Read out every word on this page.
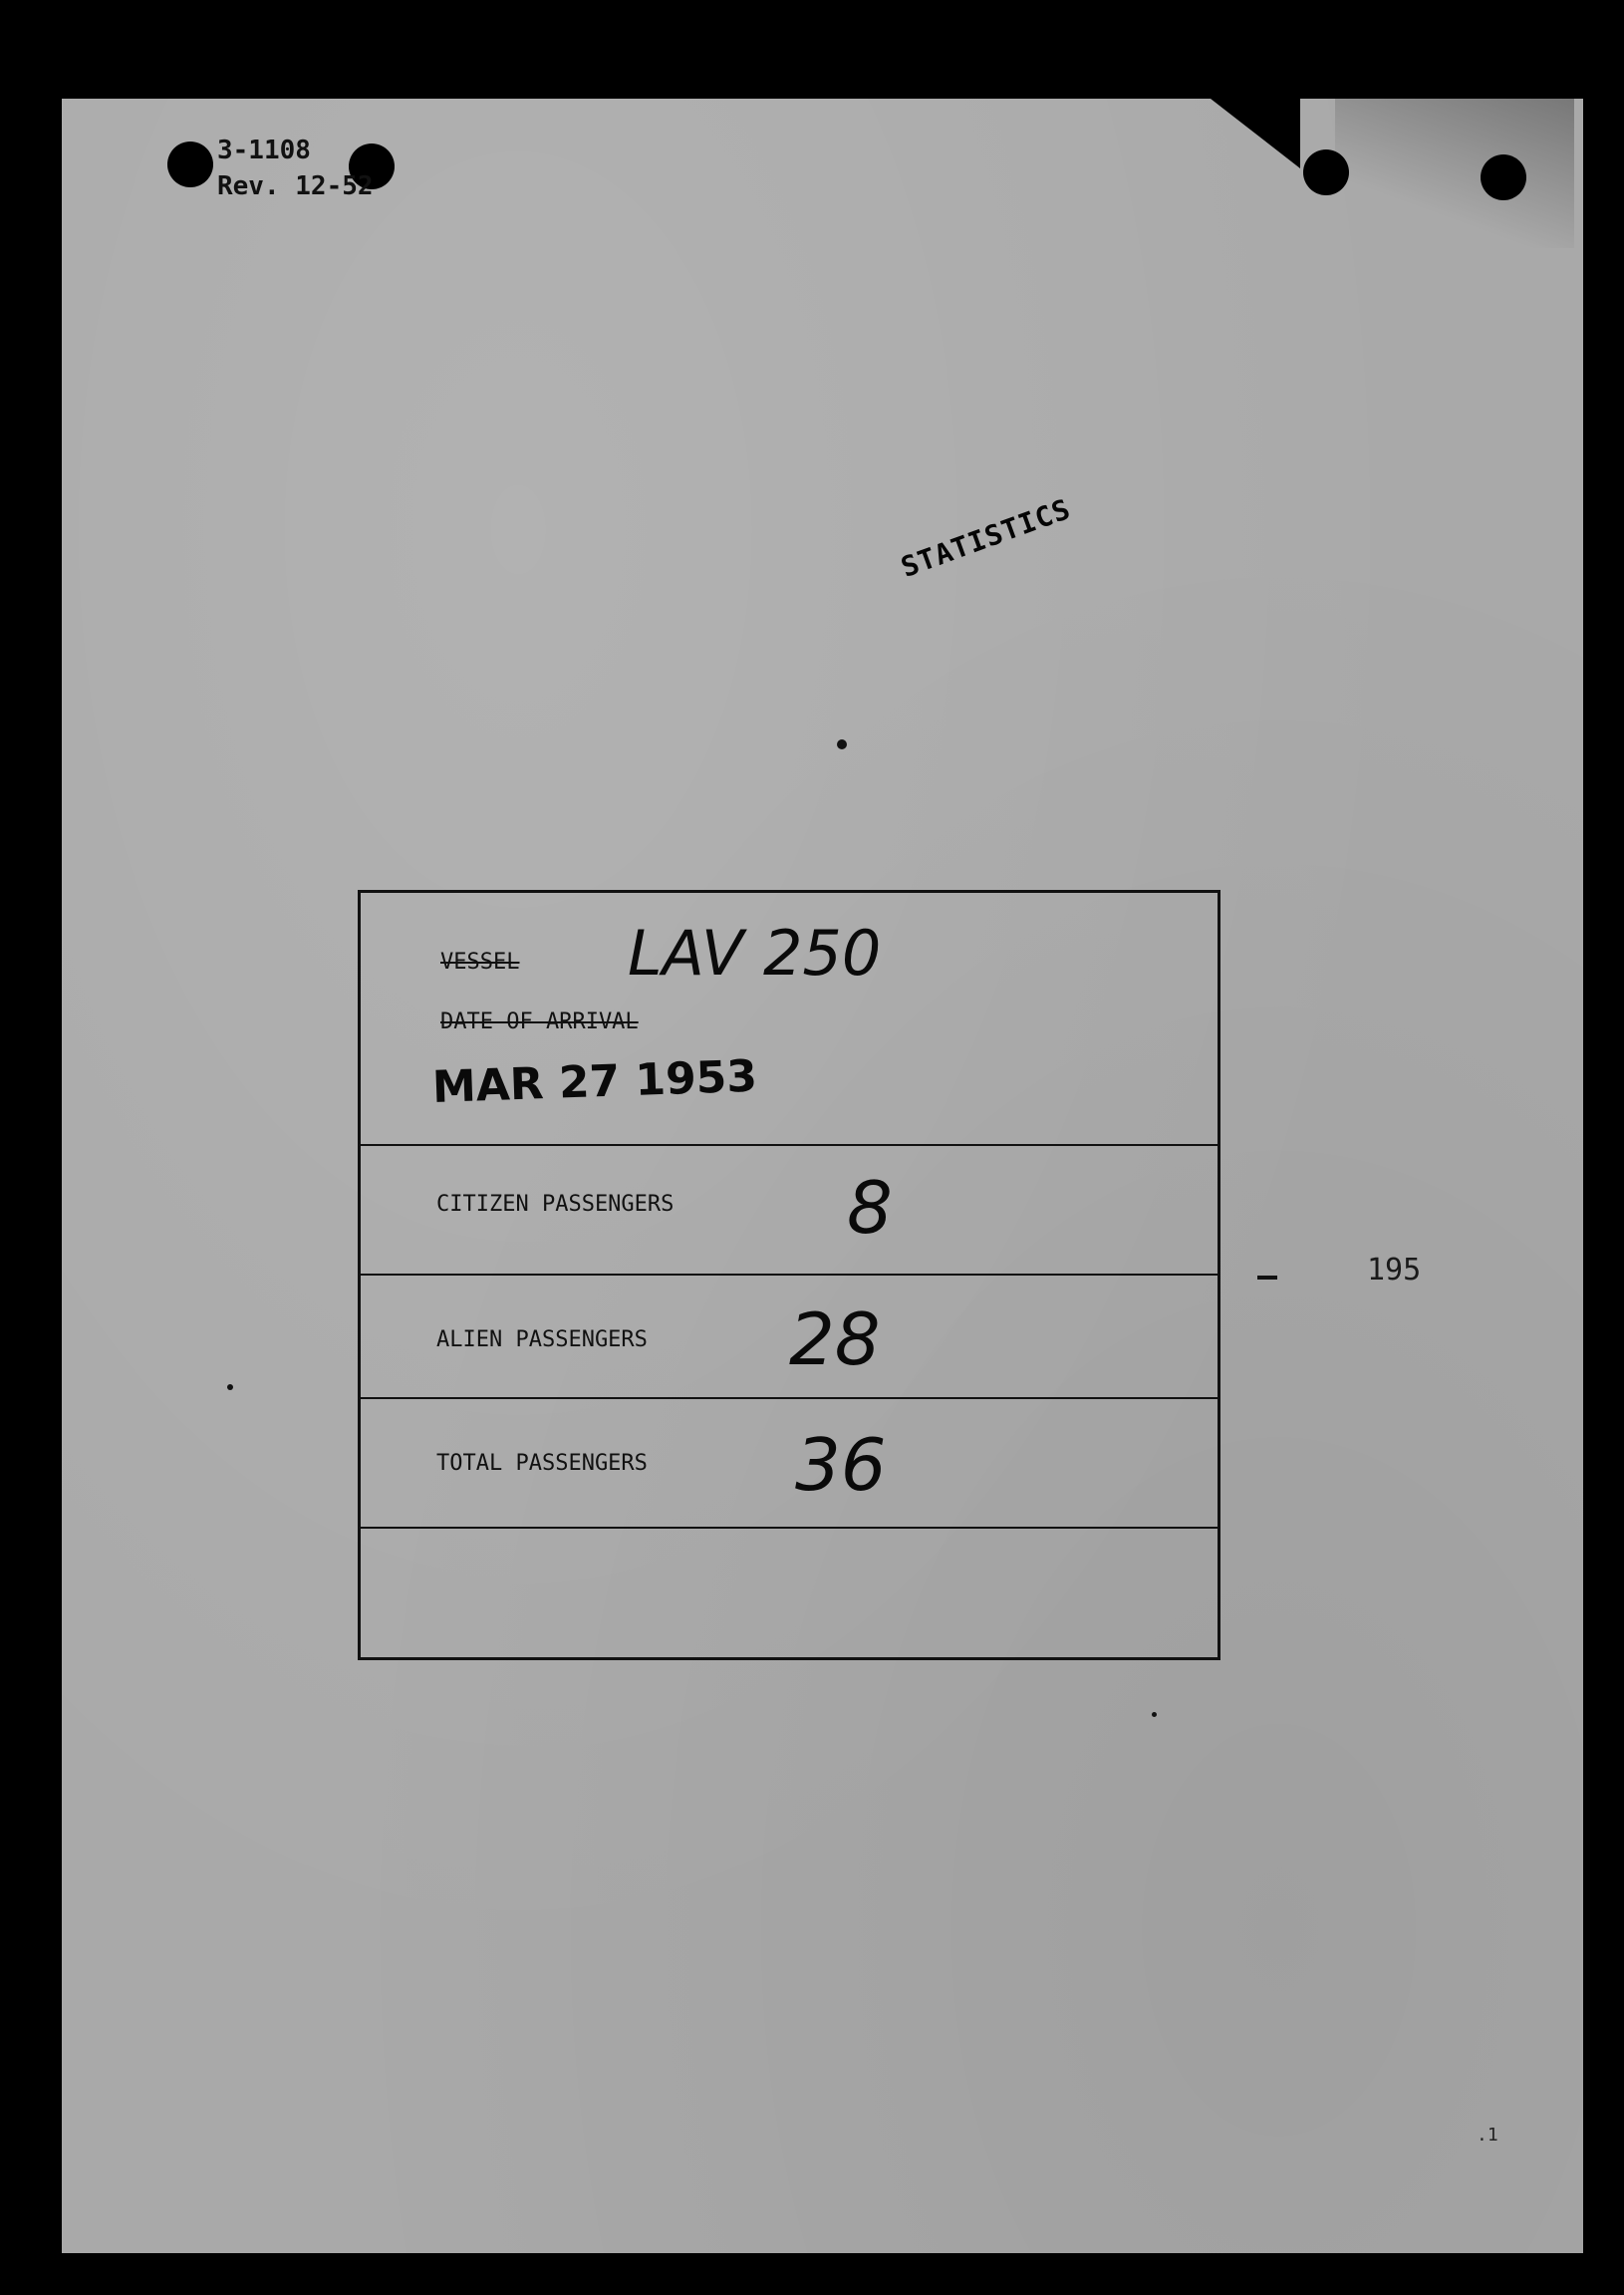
3-1108
Rev. 12-52
STATISTICS
195
.1
VESSEL LAV 250
DATE OF ARRIVAL
MAR 27 1953
CITIZEN PASSENGERS 8
ALIEN PASSENGERS 28
TOTAL PASSENGERS 36
